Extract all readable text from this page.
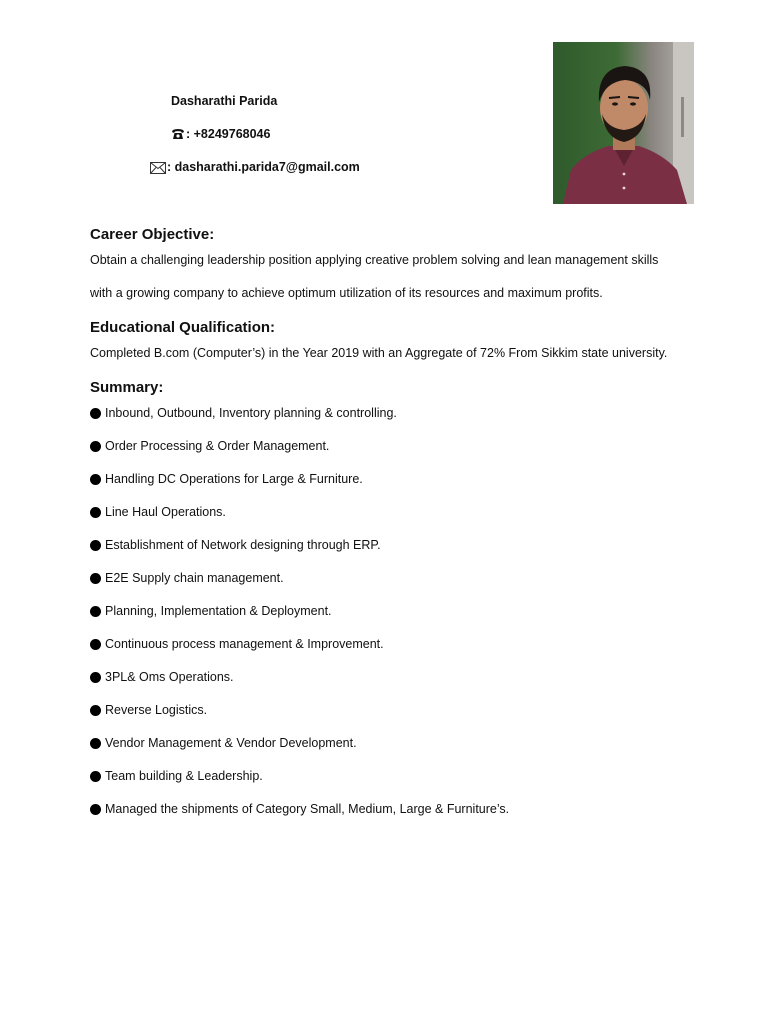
Dasharathi Parida
: +8249768046
: dasharathi.parida7@gmail.com
Career Objective:

Obtain a challenging leadership position applying creative problem solving and lean management skills

with a growing company to achieve optimum utilization of its resources and maximum profits.

Educational Qualification:

Completed B.com (Computer’s) in the Year 2019 with an Aggregate of 72% From Sikkim state university.

Summary:
Inbound, Outbound, Inventory planning & controlling.
Order Processing & Order Management.
Handling DC Operations for Large & Furniture.
Line Haul Operations.
Establishment of Network designing through ERP.
E2E Supply chain management.
Planning, Implementation & Deployment.
Continuous process management & Improvement.
3PL& Oms Operations.
Reverse Logistics.
Vendor Management & Vendor Development.
Team building & Leadership.
Managed the shipments of Category Small, Medium, Large & Furniture’s.
